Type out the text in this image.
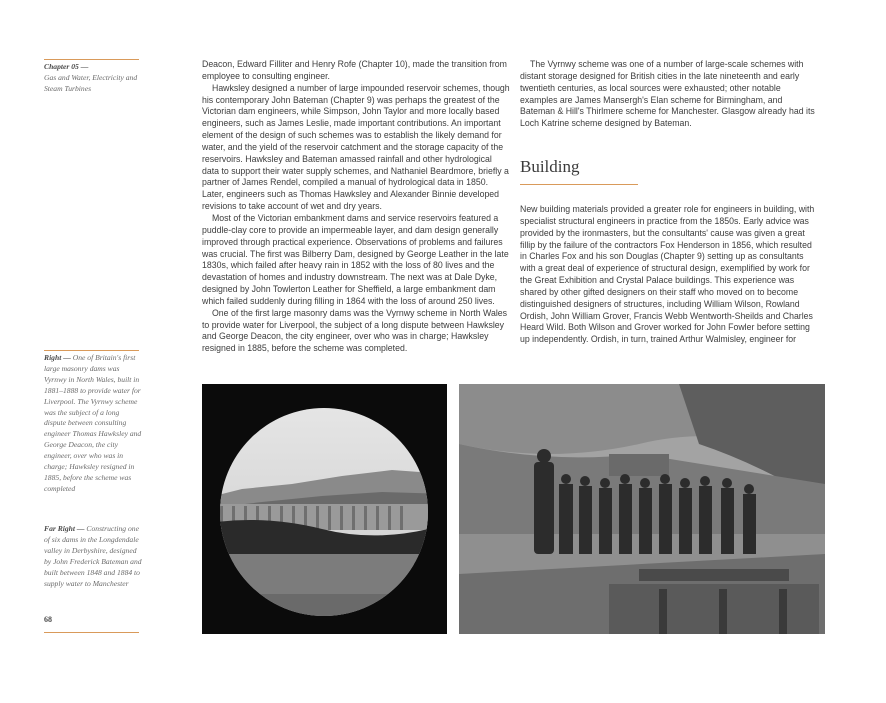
Chapter 05 —
Gas and Water, Electricity and Steam Turbines
Right — One of Britain's first large masonry dams was Vyrnwy in North Wales, built in 1881–1888 to provide water for Liverpool. The Vyrnwy scheme was the subject of a long dispute between consulting engineer Thomas Hawksley and George Deacon, the city engineer, over who was in charge; Hawksley resigned in 1885, before the scheme was completed
Far Right — Constructing one of six dams in the Longdendale valley in Derbyshire, designed by John Frederick Bateman and built between 1848 and 1884 to supply water to Manchester
68

Deacon, Edward Filliter and Henry Rofe (Chapter 10), made the transition from employee to consulting engineer.

Hawksley designed a number of large impounded reservoir schemes, though his contemporary John Bateman (Chapter 9) was perhaps the greatest of the Victorian dam engineers, while Simpson, John Taylor and more locally based engineers, such as James Leslie, made important contributions. An important element of the design of such schemes was to establish the likely demand for water, and the yield of the reservoir catchment and the storage capacity of the reservoirs. Hawksley and Bateman amassed rainfall and other hydrological data to support their water supply schemes, and Nathaniel Beardmore, briefly a partner of James Rendel, compiled a manual of hydrological data in 1850. Later, engineers such as Thomas Hawksley and Alexander Binnie developed revisions to take account of wet and dry years.

Most of the Victorian embankment dams and service reservoirs featured a puddle-clay core to provide an impermeable layer, and dam design generally improved through practical experience. Observations of problems and failures was crucial. The first was Bilberry Dam, designed by George Leather in the late 1830s, which failed after heavy rain in 1852 with the loss of 80 lives and the devastation of homes and industry downstream. The next was at Dale Dyke, designed by John Towlerton Leather for Sheffield, a large embankment dam which failed suddenly during filling in 1864 with the loss of around 250 lives.

One of the first large masonry dams was the Vyrnwy scheme in North Wales to provide water for Liverpool, the subject of a long dispute between Hawksley and George Deacon, the city engineer, over who was in charge; Hawksley resigned in 1885, before the scheme was completed.

The Vyrnwy scheme was one of a number of large-scale schemes with distant storage designed for British cities in the late nineteenth and early twentieth centuries, as local sources were exhausted; other notable examples are James Mansergh's Elan scheme for Birmingham, and Bateman & Hill's Thirlmere scheme for Manchester. Glasgow already had its Loch Katrine scheme designed by Bateman.

Building

New building materials provided a greater role for engineers in building, with specialist structural engineers in practice from the 1850s. Early advice was provided by the ironmasters, but the consultants' cause was given a great fillip by the failure of the contractors Fox Henderson in 1856, which resulted in Charles Fox and his son Douglas (Chapter 9) setting up as consultants with a great deal of experience of structural design, exemplified by work for the Great Exhibition and Crystal Palace buildings. This experience was shared by other gifted designers on their staff who moved on to become distinguished designers of structures, including William Wilson, Rowland Ordish, John William Grover, Francis Webb Wentworth-Sheilds and Charles Heard Wild. Both Wilson and Grover worked for John Fowler before setting up independently. Ordish, in turn, trained Arthur Walmisley, engineer for
